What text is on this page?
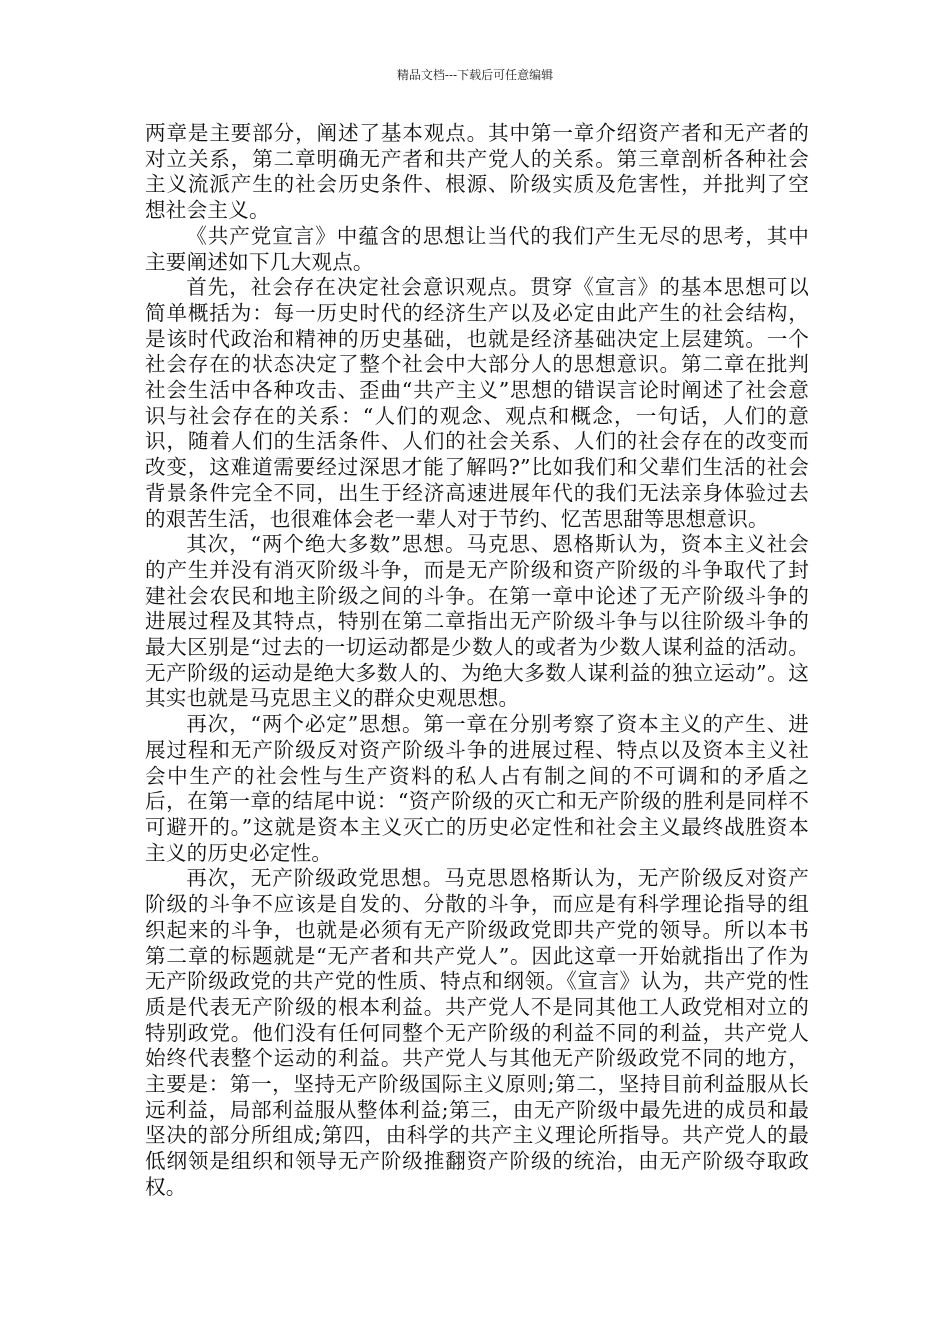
精品文档---下载后可任意编辑

两章是主要部分，阐述了基本观点。其中第一章介绍资产者和无产者的对立关系，第二章明确无产者和共产党人的关系。第三章剖析各种社会主义流派产生的社会历史条件、根源、阶级实质及危害性，并批判了空想社会主义。

《共产党宣言》中蕴含的思想让当代的我们产生无尽的思考，其中主要阐述如下几大观点。

首先，社会存在决定社会意识观点。贯穿《宣言》的基本思想可以简单概括为：每一历史时代的经济生产以及必定由此产生的社会结构，是该时代政治和精神的历史基础，也就是经济基础决定上层建筑。一个社会存在的状态决定了整个社会中大部分人的思想意识。第二章在批判社会生活中各种攻击、歪曲“共产主义”思想的错误言论时阐述了社会意识与社会存在的关系：“人们的观念、观点和概念，一句话，人们的意识，随着人们的生活条件、人们的社会关系、人们的社会存在的改变而改变，这难道需要经过深思才能了解吗?”比如我们和父辈们生活的社会背景条件完全不同，出生于经济高速进展年代的我们无法亲身体验过去的艰苦生活，也很难体会老一辈人对于节约、忆苦思甜等思想意识。

其次，“两个绝大多数”思想。马克思、恩格斯认为，资本主义社会的产生并没有消灭阶级斗争，而是无产阶级和资产阶级的斗争取代了封建社会农民和地主阶级之间的斗争。在第一章中论述了无产阶级斗争的进展过程及其特点，特别在第二章指出无产阶级斗争与以往阶级斗争的最大区别是“过去的一切运动都是少数人的或者为少数人谋利益的活动。无产阶级的运动是绝大多数人的、为绝大多数人谋利益的独立运动”。这其实也就是马克思主义的群众史观思想。

再次，“两个必定”思想。第一章在分别考察了资本主义的产生、进展过程和无产阶级反对资产阶级斗争的进展过程、特点以及资本主义社会中生产的社会性与生产资料的私人占有制之间的不可调和的矛盾之后，在第一章的结尾中说：“资产阶级的灭亡和无产阶级的胜利是同样不可避开的。”这就是资本主义灭亡的历史必定性和社会主义最终战胜资本主义的历史必定性。

再次，无产阶级政党思想。马克思恩格斯认为，无产阶级反对资产阶级的斗争不应该是自发的、分散的斗争，而应是有科学理论指导的组织起来的斗争，也就是必须有无产阶级政党即共产党的领导。所以本书第二章的标题就是“无产者和共产党人”。因此这章一开始就指出了作为无产阶级政党的共产党的性质、特点和纲领。《宣言》认为，共产党的性质是代表无产阶级的根本利益。共产党人不是同其他工人政党相对立的特别政党。他们没有任何同整个无产阶级的利益不同的利益，共产党人始终代表整个运动的利益。共产党人与其他无产阶级政党不同的地方，主要是：第一，坚持无产阶级国际主义原则;第二，坚持目前利益服从长远利益，局部利益服从整体利益;第三，由无产阶级中最先进的成员和最坚决的部分所组成;第四，由科学的共产主义理论所指导。共产党人的最低纲领是组织和领导无产阶级推翻资产阶级的统治，由无产阶级夺取政权。
